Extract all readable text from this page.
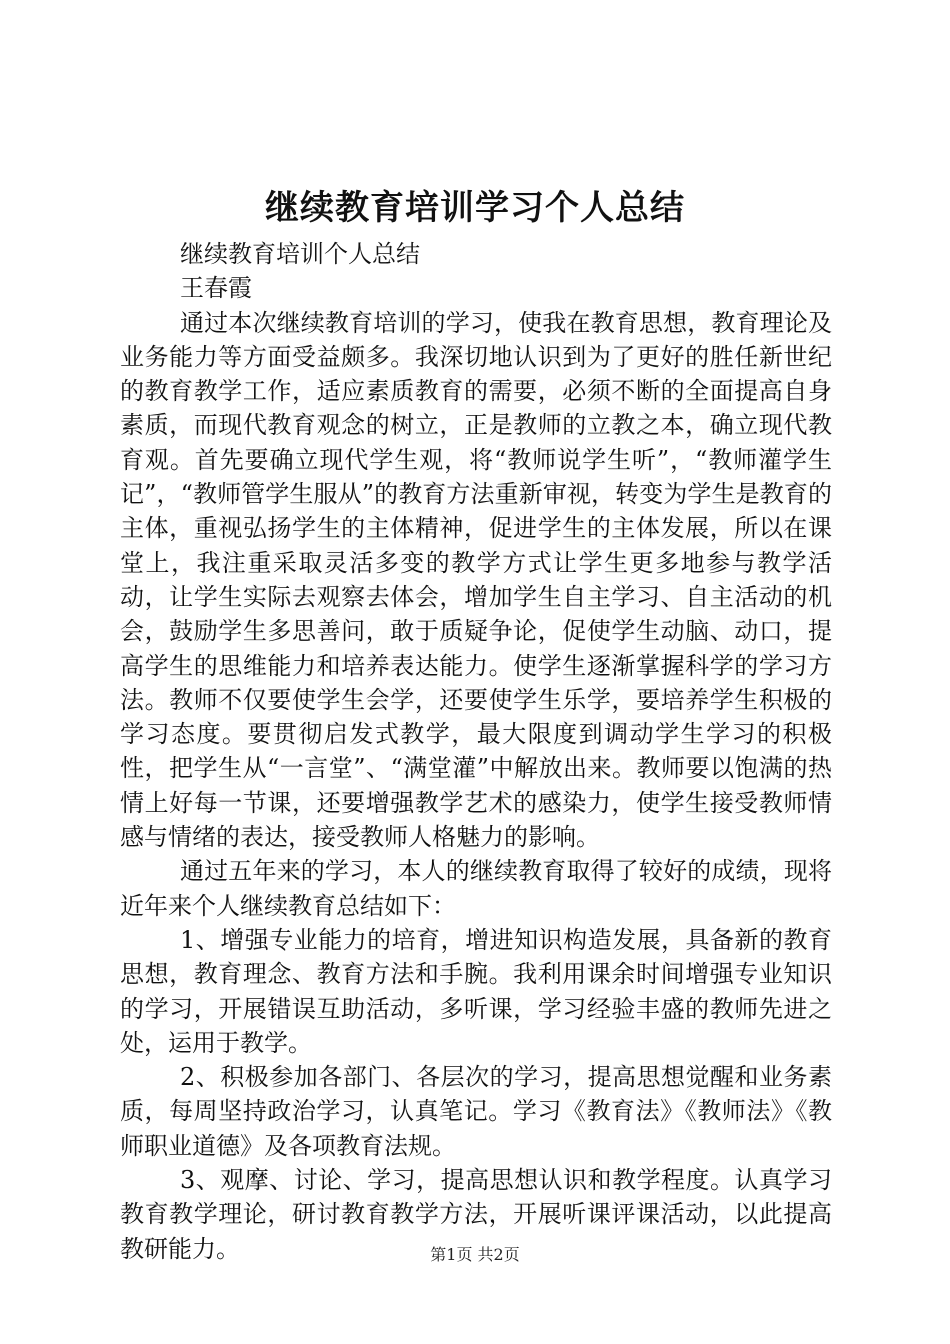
继续教育培训学习个人总结

继续教育培训个人总结

王春霞

通过本次继续教育培训的学习，使我在教育思想，教育理论及业务能力等方面受益颇多。我深切地认识到为了更好的胜任新世纪的教育教学工作，适应素质教育的需要，必须不断的全面提高自身素质，而现代教育观念的树立，正是教师的立教之本，确立现代教育观。首先要确立现代学生观，将“教师说学生听”，“教师灌学生记”，“教师管学生服从”的教育方法重新审视，转变为学生是教育的主体，重视弘扬学生的主体精神，促进学生的主体发展，所以在课堂上，我注重采取灵活多变的教学方式让学生更多地参与教学活动，让学生实际去观察去体会，增加学生自主学习、自主活动的机会，鼓励学生多思善问，敢于质疑争论，促使学生动脑、动口，提高学生的思维能力和培养表达能力。使学生逐渐掌握科学的学习方法。教师不仅要使学生会学，还要使学生乐学，要培养学生积极的学习态度。要贯彻启发式教学，最大限度到调动学生学习的积极性，把学生从“一言堂”、“满堂灌”中解放出来。教师要以饱满的热情上好每一节课，还要增强教学艺术的感染力，使学生接受教师情感与情绪的表达，接受教师人格魅力的影响。

通过五年来的学习，本人的继续教育取得了较好的成绩，现将近年来个人继续教育总结如下：

1、增强专业能力的培育，增进知识构造发展，具备新的教育思想，教育理念、教育方法和手腕。我利用课余时间增强专业知识的学习，开展错误互助活动，多听课，学习经验丰盛的教师先进之处，运用于教学。

2、积极参加各部门、各层次的学习，提高思想觉醒和业务素质，每周坚持政治学习，认真笔记。学习《教育法》《教师法》《教师职业道德》及各项教育法规。

3、观摩、讨论、学习，提高思想认识和教学程度。认真学习教育教学理论，研讨教育教学方法，开展听课评课活动，以此提高教研能力。	第1页 共2页
